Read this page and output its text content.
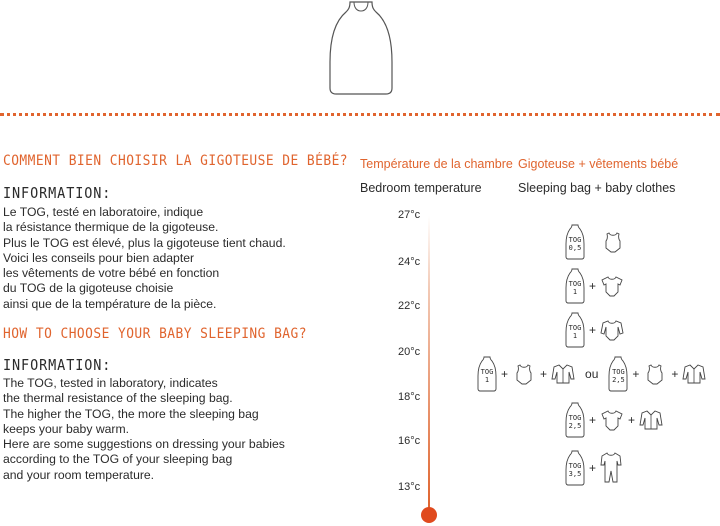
COMMENT BIEN CHOISIR LA GIGOTEUSE DE BÉBÉ?
INFORMATION:
Le TOG, testé en laboratoire, indique
la résistance thermique de la gigoteuse.
Plus le TOG est élevé, plus la gigoteuse tient chaud.
Voici les conseils pour bien adapter
les vêtements de votre bébé en fonction
du TOG de la gigoteuse choisie
ainsi que de la température de la pièce.
HOW TO CHOOSE YOUR BABY SLEEPING BAG?
INFORMATION:
The TOG, tested in laboratory, indicates
the thermal resistance of the sleeping bag.
The higher the TOG, the more the sleeping bag
keeps your baby warm.
Here are some suggestions on dressing your babies
according to the TOG of your sleeping bag
and your room temperature.
Température de la chambre
Bedroom temperature
Gigoteuse + vêtements bébé
Sleeping bag + baby clothes
27°c
24°c
22°c
20°c
18°c
16°c
13°c
TOG
0,5
TOG
1 +
TOG
1 +
TOG
1 +	+	ou	TOG
2,5 +	+
TOG
2,5 +	+
TOG
3,5 +
